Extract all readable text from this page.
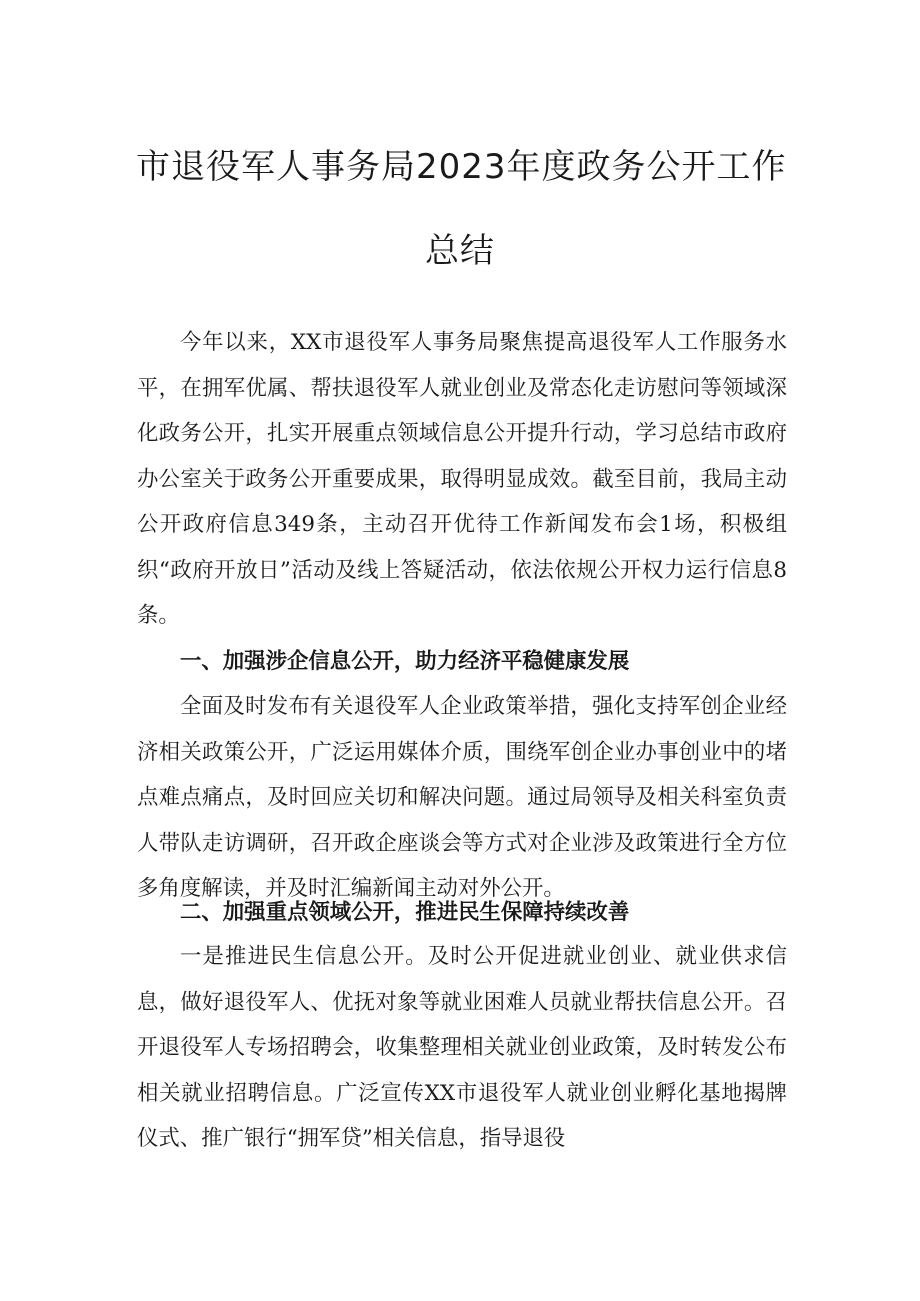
市退役军人事务局2023年度政务公开工作
总结

今年以来，XX市退役军人事务局聚焦提高退役军人工作服务水平，在拥军优属、帮扶退役军人就业创业及常态化走访慰问等领域深化政务公开，扎实开展重点领域信息公开提升行动，学习总结市政府办公室关于政务公开重要成果，取得明显成效。截至目前，我局主动公开政府信息349条，主动召开优待工作新闻发布会1场，积极组织“政府开放日”活动及线上答疑活动，依法依规公开权力运行信息8条。

一、加强涉企信息公开，助力经济平稳健康发展

全面及时发布有关退役军人企业政策举措，强化支持军创企业经济相关政策公开，广泛运用媒体介质，围绕军创企业办事创业中的堵点难点痛点，及时回应关切和解决问题。通过局领导及相关科室负责人带队走访调研，召开政企座谈会等方式对企业涉及政策进行全方位多角度解读，并及时汇编新闻主动对外公开。

二、加强重点领域公开，推进民生保障持续改善

一是推进民生信息公开。及时公开促进就业创业、就业供求信息，做好退役军人、优抚对象等就业困难人员就业帮扶信息公开。召开退役军人专场招聘会，收集整理相关就业创业政策，及时转发公布相关就业招聘信息。广泛宣传XX市退役军人就业创业孵化基地揭牌仪式、推广银行“拥军贷”相关信息，指导退役
